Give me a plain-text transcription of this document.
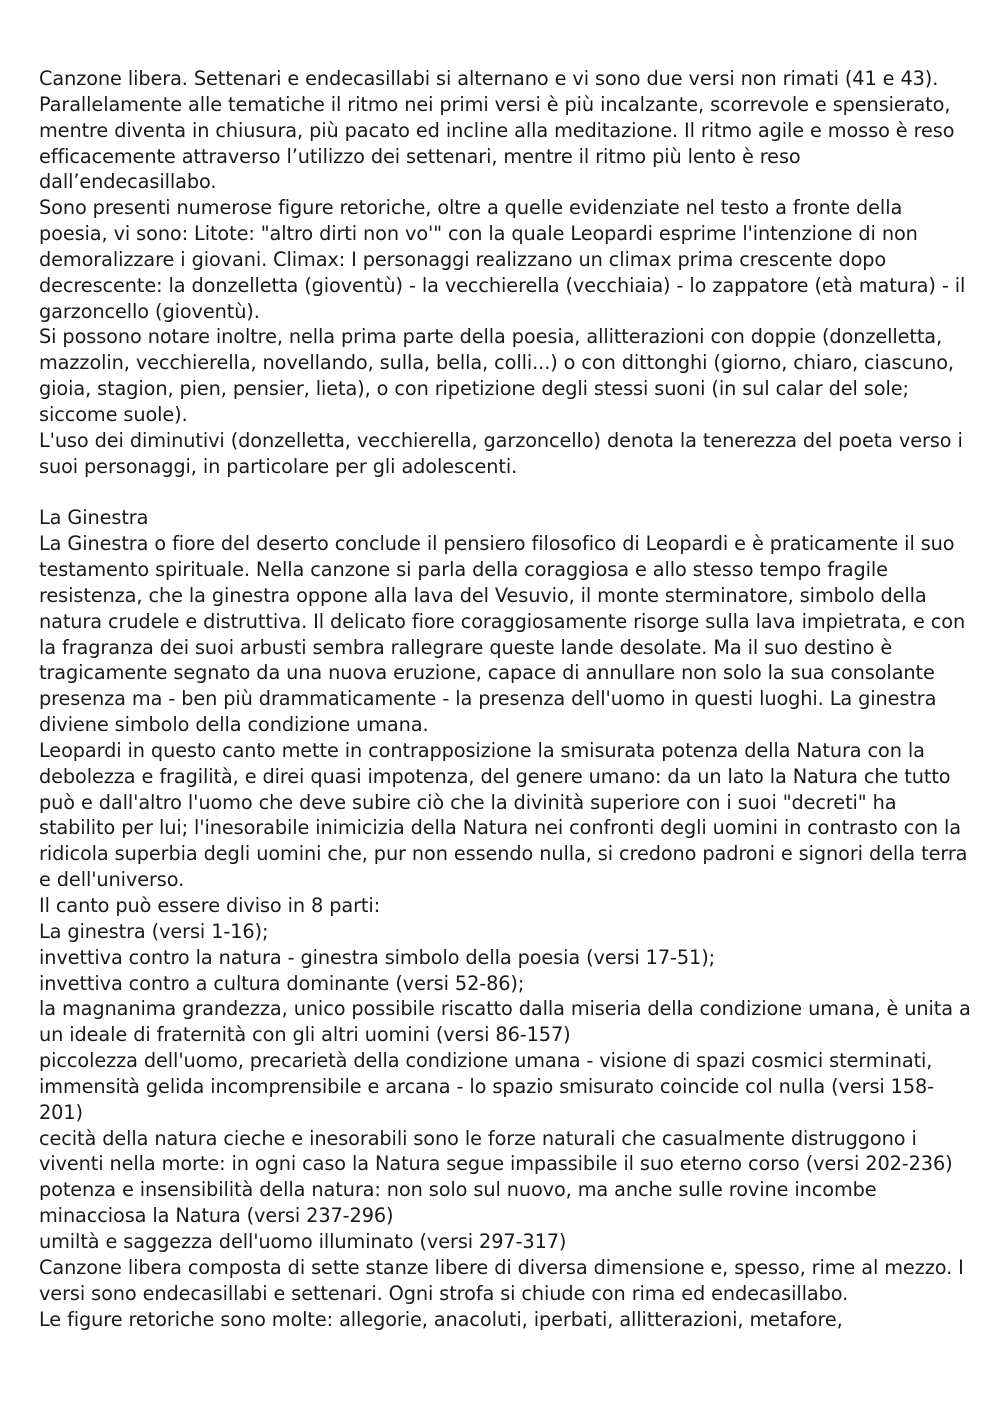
Canzone libera. Settenari e endecasillabi si alternano e vi sono due versi non rimati (41 e 43). Parallelamente alle tematiche il ritmo nei primi versi è più incalzante, scorrevole e spensierato, mentre diventa in chiusura, più pacato ed incline alla meditazione. Il ritmo agile e mosso è reso efficacemente attraverso l’utilizzo dei settenari, mentre il ritmo più lento è reso dall’endecasillabo.

Sono presenti numerose figure retoriche, oltre a quelle evidenziate nel testo a fronte della poesia, vi sono: Litote: "altro dirti non vo'" con la quale Leopardi esprime l'intenzione di non demoralizzare i giovani. Climax: I personaggi realizzano un climax prima crescente dopo decrescente: la donzelletta (gioventù) - la vecchierella (vecchiaia) - lo zappatore (età matura) - il garzoncello (gioventù).

Si possono notare inoltre, nella prima parte della poesia, allitterazioni con doppie (donzelletta, mazzolin, vecchierella, novellando, sulla, bella, colli...) o con dittonghi (giorno, chiaro, ciascuno, gioia, stagion, pien, pensier, lieta), o con ripetizione degli stessi suoni (in sul calar del sole; siccome suole).

L'uso dei diminutivi (donzelletta, vecchierella, garzoncello) denota la tenerezza del poeta verso i suoi personaggi, in particolare per gli adolescenti.

La Ginestra

La Ginestra o fiore del deserto conclude il pensiero filosofico di Leopardi e è praticamente il suo testamento spirituale. Nella canzone si parla della coraggiosa e allo stesso tempo fragile resistenza, che la ginestra oppone alla lava del Vesuvio, il monte sterminatore, simbolo della natura crudele e distruttiva. Il delicato fiore coraggiosamente risorge sulla lava impietrata, e con la fragranza dei suoi arbusti sembra rallegrare queste lande desolate. Ma il suo destino è tragicamente segnato da una nuova eruzione, capace di annullare non solo la sua consolante presenza ma - ben più drammaticamente - la presenza dell'uomo in questi luoghi. La ginestra diviene simbolo della condizione umana.

Leopardi in questo canto mette in contrapposizione la smisurata potenza della Natura con la debolezza e fragilità, e direi quasi impotenza, del genere umano: da un lato la Natura che tutto può e dall'altro l'uomo che deve subire ciò che la divinità superiore con i suoi "decreti" ha stabilito per lui; l'inesorabile inimicizia della Natura nei confronti degli uomini in contrasto con la ridicola superbia degli uomini che, pur non essendo nulla, si credono padroni e signori della terra e dell'universo.

Il canto può essere diviso in 8 parti:

La ginestra (versi 1-16);

invettiva contro la natura - ginestra simbolo della poesia (versi 17-51);

invettiva contro a cultura dominante (versi 52-86);

la magnanima grandezza, unico possibile riscatto dalla miseria della condizione umana, è unita a un ideale di fraternità con gli altri uomini (versi 86-157)

piccolezza dell'uomo, precarietà della condizione umana - visione di spazi cosmici sterminati, immensità gelida incomprensibile e arcana - lo spazio smisurato coincide col nulla (versi 158-201)

cecità della natura cieche e inesorabili sono le forze naturali che casualmente distruggono i viventi nella morte: in ogni caso la Natura segue impassibile il suo eterno corso (versi 202-236)

potenza e insensibilità della natura: non solo sul nuovo, ma anche sulle rovine incombe minacciosa la Natura (versi 237-296)

umiltà e saggezza dell'uomo illuminato (versi 297-317)

Canzone libera composta di sette stanze libere di diversa dimensione e, spesso, rime al mezzo. I versi sono endecasillabi e settenari. Ogni strofa si chiude con rima ed endecasillabo.

Le figure retoriche sono molte: allegorie, anacoluti, iperbati, allitterazioni, metafore,
